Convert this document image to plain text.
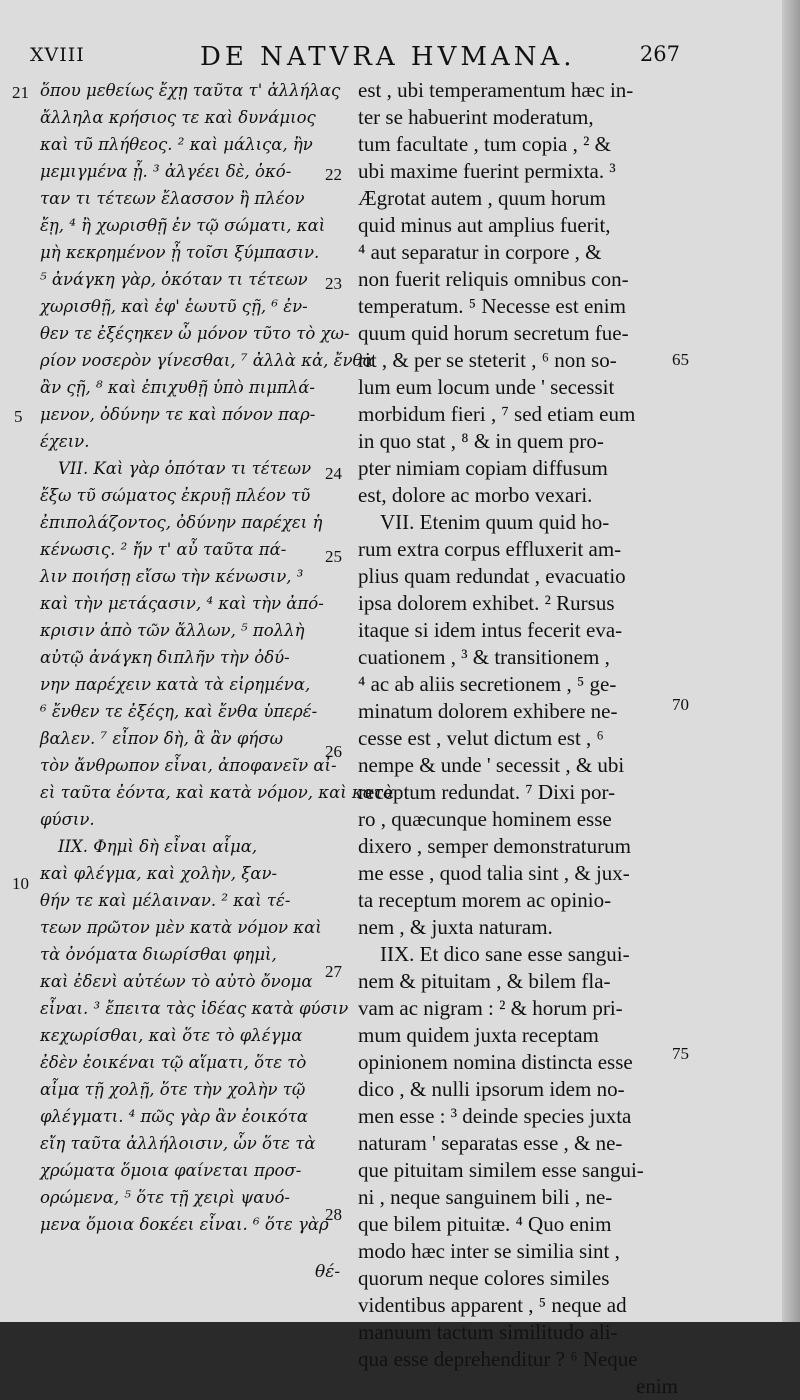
XVIII	DE NATVRA HVMANA.	267
21
5
10
ὅπου μεθείως ἔχῃ ταῦτα τ' ἀλλήλας
ἄλληλα κρήσιος τε καὶ δυνάμιος
καὶ τῦ πλήθεος. ² καὶ μάλιςα, ἢν
μεμιγμένα ᾖ. ³ ἀλγέει δὲ, ὁκό-
ταν τι τέτεων ἔλασσον ἢ πλέον
ἔῃ, ⁴ ἢ χωρισθῇ ἐν τῷ σώματι, καὶ
μὴ κεκρημένον ᾖ τοῖσι ξύμπασιν.
⁵ ἀνάγκη γὰρ, ὁκόταν τι τέτεων
χωρισθῇ, καὶ ἐφ' ἑωυτῦ ςῇ, ⁶ ἐν-
θεν τε ἐξέςηκεν ὦ μόνον τῦτο τὸ χω-
ρίον νοσερὸν γίνεσθαι, ⁷ ἀλλὰ κἀ, ἔνθα
ἂν ςῇ, ⁸ καὶ ἐπιχυθῇ ὑπὸ πιμπλά-
μενον, ὀδύνην τε καὶ πόνον παρ-
έχειν.
VII. Καὶ γὰρ ὁπόταν τι τέτεων
ἔξω τῦ σώματος ἐκρυῇ πλέον τῦ
ἐπιπολάζοντος, ὀδύνην παρέχει ἡ
κένωσις. ² ἤν τ' αὖ ταῦτα πά-
λιν ποιήσῃ εἴσω τὴν κένωσιν, ³
καὶ τὴν μετάςασιν, ⁴ καὶ τὴν ἀπό-
κρισιν ἀπὸ τῶν ἄλλων, ⁵ πολλὴ
αὐτῷ ἀνάγκη διπλῆν τὴν ὀδύ-
νην παρέχειν κατὰ τὰ εἰρημένα,
⁶ ἔνθεν τε ἐξέςη, καὶ ἔνθα ὑπερέ-
βαλεν. ⁷ εἶπον δὴ, ἃ ἂν φήσω
τὸν ἄνθρωπον εἶναι, ἀποφανεῖν αἰ-
εὶ ταῦτα ἐόντα, καὶ κατὰ νόμον, καὶ κατὰ
φύσιν.
IIX. Φημὶ δὴ εἶναι αἷμα,
καὶ φλέγμα, καὶ χολὴν, ξαν-
θήν τε καὶ μέλαιναν. ² καὶ τέ-
τεων πρῶτον μὲν κατὰ νόμον καὶ
τὰ ὀνόματα διωρίσθαι φημὶ,
καὶ ἐδενὶ αὐτέων τὸ αὐτὸ ὄνομα
εἶναι. ³ ἔπειτα τὰς ἰδέας κατὰ φύσιν
κεχωρίσθαι, καὶ ὅτε τὸ φλέγμα
ἐδὲν ἐοικέναι τῷ αἵματι, ὅτε τὸ
αἷμα τῇ χολῇ, ὅτε τὴν χολὴν τῷ
φλέγματι. ⁴ πῶς γὰρ ἂν ἐοικότα
εἴη ταῦτα ἀλλήλοισιν, ὧν ὅτε τὰ
χρώματα ὅμοια φαίνεται προσ-
ορώμενα, ⁵ ὅτε τῇ χειρὶ ψαυό-
μενα ὅμοια δοκέει εἶναι. ⁶ ὅτε γὰρ
22
23
24
25
26
27
28
est , ubi temperamentum hæc in-
ter se habuerint moderatum,
tum facultate , tum copia , ² &
ubi maxime fuerint permixta. ³
Ægrotat autem , quum horum
quid minus aut amplius fuerit,
⁴ aut separatur in corpore , &
non fuerit reliquis omnibus con-
temperatum. ⁵ Necesse est enim
quum quid horum secretum fue-
rit , & per se steterit , ⁶ non so-
lum eum locum unde ' secessit
morbidum fieri , ⁷ sed etiam eum
in quo stat , ⁸ & in quem pro-
pter nimiam copiam diffusum
est, dolore ac morbo vexari.
VII. Etenim quum quid ho-
rum extra corpus effluxerit am-
plius quam redundat , evacuatio
ipsa dolorem exhibet. ² Rursus
itaque si idem intus fecerit eva-
cuationem , ³ & transitionem ,
⁴ ac ab aliis secretionem , ⁵ ge-
minatum dolorem exhibere ne-
cesse est , velut dictum est , ⁶
nempe & unde ' secessit , & ubi
receptum redundat. ⁷ Dixi por-
ro , quæcunque hominem esse
dixero , semper demonstraturum
me esse , quod talia sint , & jux-
ta receptum morem ac opinio-
nem , & juxta naturam.
IIX. Et dico sane esse sangui-
nem & pituitam , & bilem fla-
vam ac nigram : ² & horum pri-
mum quidem juxta receptam
opinionem nomina distincta esse
dico , & nulli ipsorum idem no-
men esse : ³ deinde species juxta
naturam ' separatas esse , & ne-
que pituitam similem esse sangui-
ni , neque sanguinem bili , ne-
que bilem pituitæ. ⁴ Quo enim
modo hæc inter se similia sint ,
quorum neque colores similes
videntibus apparent , ⁵ neque ad
manuum tactum similitudo ali-
qua esse deprehenditur ? ⁶ Neque
enim
65
70
75
θέ-
